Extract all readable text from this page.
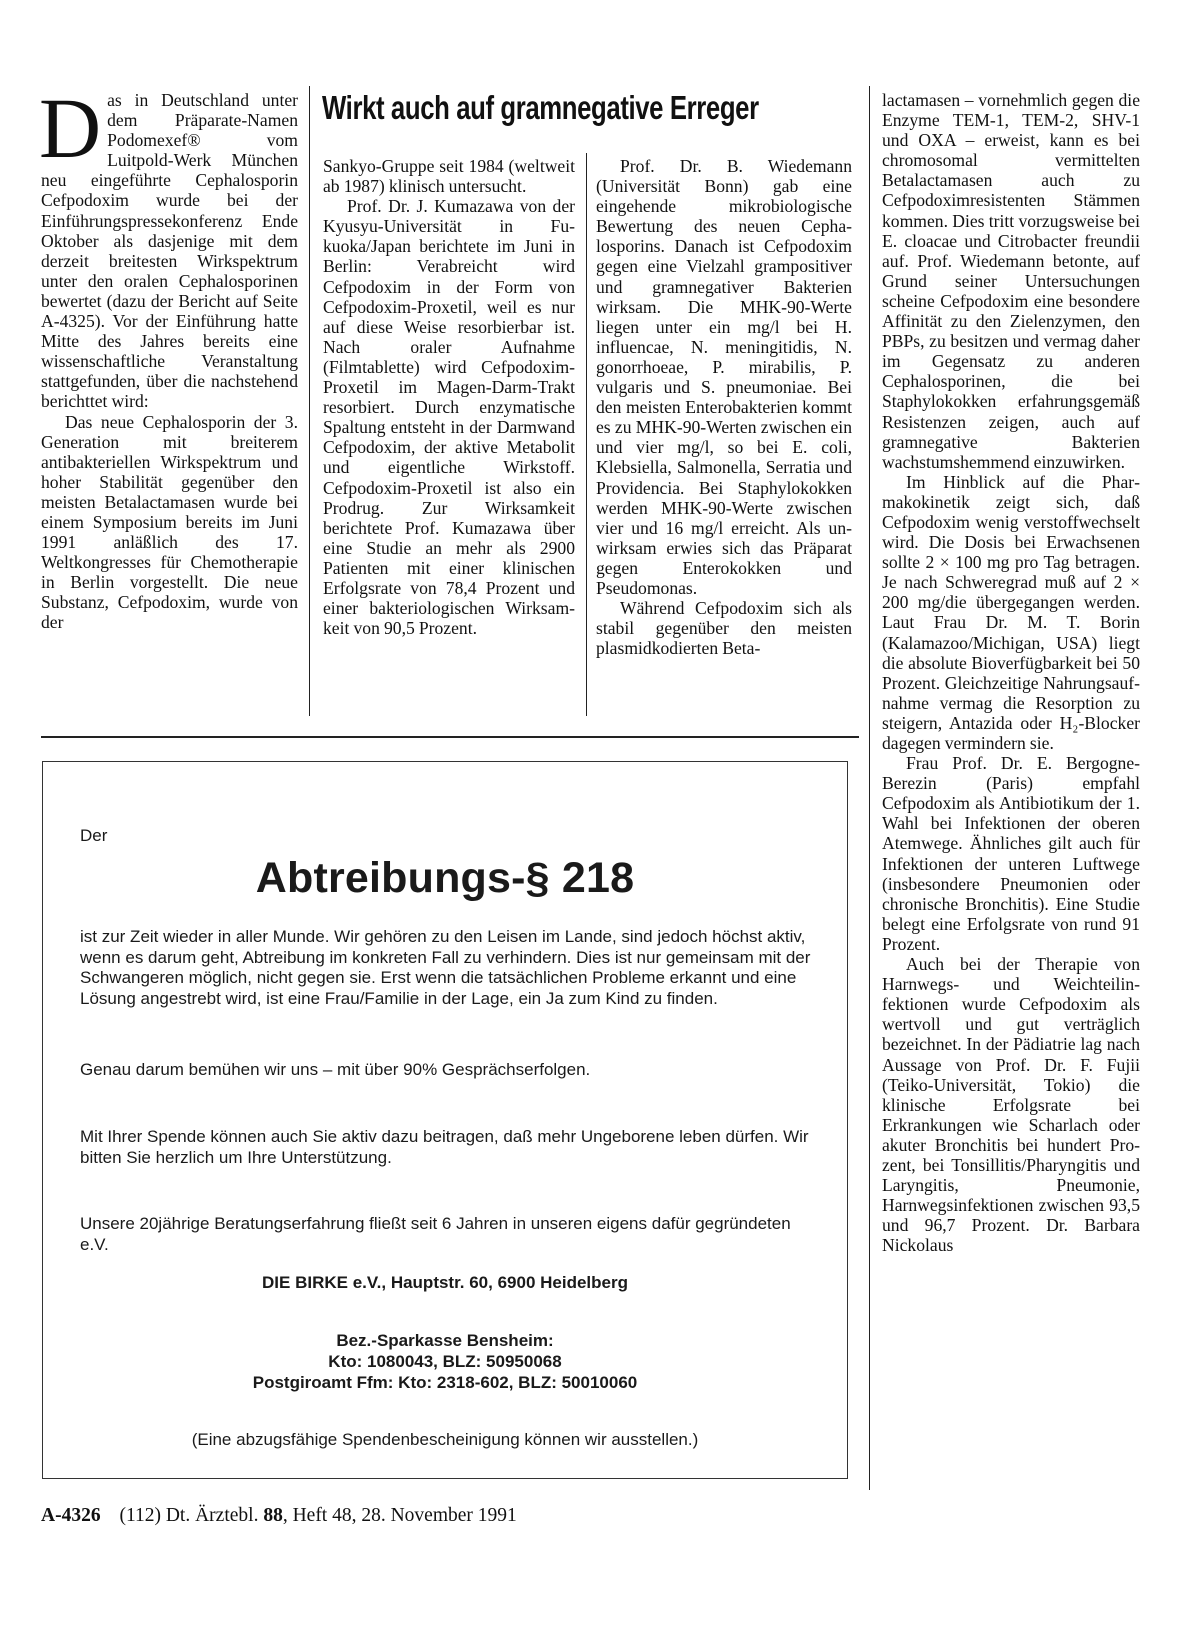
Wirkt auch auf gramnegative Erreger

Das in Deutschland unter dem Präparate-Namen Podomexef® vom Luitpold-Werk München neu eingeführte Cephalosporin Cefpodoxim wurde bei der Einführungspressekonferenz Ende Oktober als dasjenige mit dem derzeit breitesten Wirkspektrum unter den oralen Cephalosporinen bewertet (dazu der Bericht auf Seite A-4325). Vor der Einführung hatte Mitte des Jahres bereits eine wissenschaftliche Veranstaltung stattgefunden, über die nachstehend berichttet wird:

Das neue Cephalosporin der 3. Generation mit breiterem antibakteriellen Wirkspektrum und hoher Stabilität gegenüber den meisten Betalactamasen wurde bei einem Symposium bereits im Juni 1991 anläßlich des 17. Weltkongresses für Chemotherapie in Berlin vorgestellt. Die neue Substanz, Cefpodoxim, wurde von der

Sankyo-Gruppe seit 1984 (weltweit ab 1987) klinisch untersucht.

Prof. Dr. J. Kumazawa von der Kyusyu-Universität in Fukuoka/Japan berichtete im Juni in Berlin: Verabreicht wird Cefpodoxim in der Form von Cefpodoxim-Proxetil, weil es nur auf diese Weise resorbierbar ist. Nach oraler Aufnahme (Filmtablette) wird Cefpodoxim-Proxetil im Magen-Darm-Trakt resorbiert. Durch enzymatische Spaltung entsteht in der Darmwand Cefpodoxim, der aktive Metabolit und eigentliche Wirkstoff. Cefpodoxim-Proxetil ist also ein Prodrug. Zur Wirksamkeit berichtete Prof. Kumazawa über eine Studie an mehr als 2900 Patienten mit einer klinischen Erfolgsrate von 78,4 Prozent und einer bakteriologischen Wirksamkeit von 90,5 Prozent.

Prof. Dr. B. Wiedemann (Universität Bonn) gab eine eingehende mikrobiologische Bewertung des neuen Cephalosporins. Danach ist Cefpodoxim gegen eine Vielzahl grampositiver und gramnegativer Bakterien wirksam. Die MHK-90-Werte liegen unter ein mg/l bei H. influencae, N. meningitidis, N. gonorrhoeae, P. mirabilis, P. vulgaris und S. pneumoniae. Bei den meisten Enterobakterien kommt es zu MHK-90-Werten zwischen ein und vier mg/l, so bei E. coli, Klebsiella, Salmonella, Serratia und Providencia. Bei Staphylokokken werden MHK-90-Werte zwischen vier und 16 mg/l erreicht. Als unwirksam erwies sich das Präparat gegen Enterokokken und Pseudomonas.

Während Cefpodoxim sich als stabil gegenüber den meisten plasmidkodierten Beta-

lactamasen – vornehmlich gegen die Enzyme TEM-1, TEM-2, SHV-1 und OXA – erweist, kann es bei chromosomal vermittelten Betalactamasen auch zu Cefpodoximresistenten Stämmen kommen. Dies tritt vorzugsweise bei E. cloacae und Citrobacter freundii auf. Prof. Wiedemann betonte, auf Grund seiner Untersuchungen scheine Cefpodoxim eine besondere Affinität zu den Zielenzymen, den PBPs, zu besitzen und vermag daher im Gegensatz zu anderen Cephalosporinen, die bei Staphylokokken erfahrungsgemäß Resistenzen zeigen, auch auf gramnegative Bakterien wachstumshemmend einzuwirken.

Im Hinblick auf die Pharmakokinetik zeigt sich, daß Cefpodoxim wenig verstoffwechselt wird. Die Dosis bei Erwachsenen sollte 2 × 100 mg pro Tag betragen. Je nach Schweregrad muß auf 2 × 200 mg/die übergegangen werden. Laut Frau Dr. M. T. Borin (Kalamazoo/Michigan, USA) liegt die absolute Bioverfügbarkeit bei 50 Prozent. Gleichzeitige Nahrungsaufnahme vermag die Resorption zu steigern, Antazida oder H₂-Blocker dagegen vermindern sie.

Frau Prof. Dr. E. Bergogne-Berezin (Paris) empfahl Cefpodoxim als Antibiotikum der 1. Wahl bei Infektionen der oberen Atemwege. Ähnliches gilt auch für Infektionen der unteren Luftwege (insbesondere Pneumonien oder chronische Bronchitis). Eine Studie belegt eine Erfolgsrate von rund 91 Prozent.

Auch bei der Therapie von Harnwegs- und Weichteilinfektionen wurde Cefpodoxim als wertvoll und gut verträglich bezeichnet. In der Pädiatrie lag nach Aussage von Prof. Dr. F. Fujii (Teiko-Universität, Tokio) die klinische Erfolgsrate bei Erkrankungen wie Scharlach oder akuter Bronchitis bei hundert Prozent, bei Tonsillitis/Pharyngitis und Laryngitis, Pneumonie, Harnwegsinfektionen zwischen 93,5 und 96,7 Prozent. Dr. Barbara Nickolaus

Der
Abtreibungs-§ 218

ist zur Zeit wieder in aller Munde. Wir gehören zu den Leisen im Lande, sind jedoch höchst aktiv, wenn es darum geht, Abtreibung im konkreten Fall zu verhindern. Dies ist nur gemeinsam mit der Schwangeren möglich, nicht gegen sie. Erst wenn die tatsächlichen Probleme erkannt und eine Lösung angestrebt wird, ist eine Frau/Familie in der Lage, ein Ja zum Kind zu finden.

Genau darum bemühen wir uns – mit über 90% Gesprächserfolgen.

Mit Ihrer Spende können auch Sie aktiv dazu beitragen, daß mehr Ungeborene leben dürfen. Wir bitten Sie herzlich um Ihre Unterstützung.

Unsere 20jährige Beratungserfahrung fließt seit 6 Jahren in unseren eigens dafür gegründeten e.V.

DIE BIRKE e.V., Hauptstr. 60, 6900 Heidelberg
Bez.-Sparkasse Bensheim:
Kto: 1080043, BLZ: 50950068
Postgiroamt Ffm: Kto: 2318-602, BLZ: 50010060
(Eine abzugsfähige Spendenbescheinigung können wir ausstellen.)
A-4326 (112) Dt. Ärztebl. 88, Heft 48, 28. November 1991
